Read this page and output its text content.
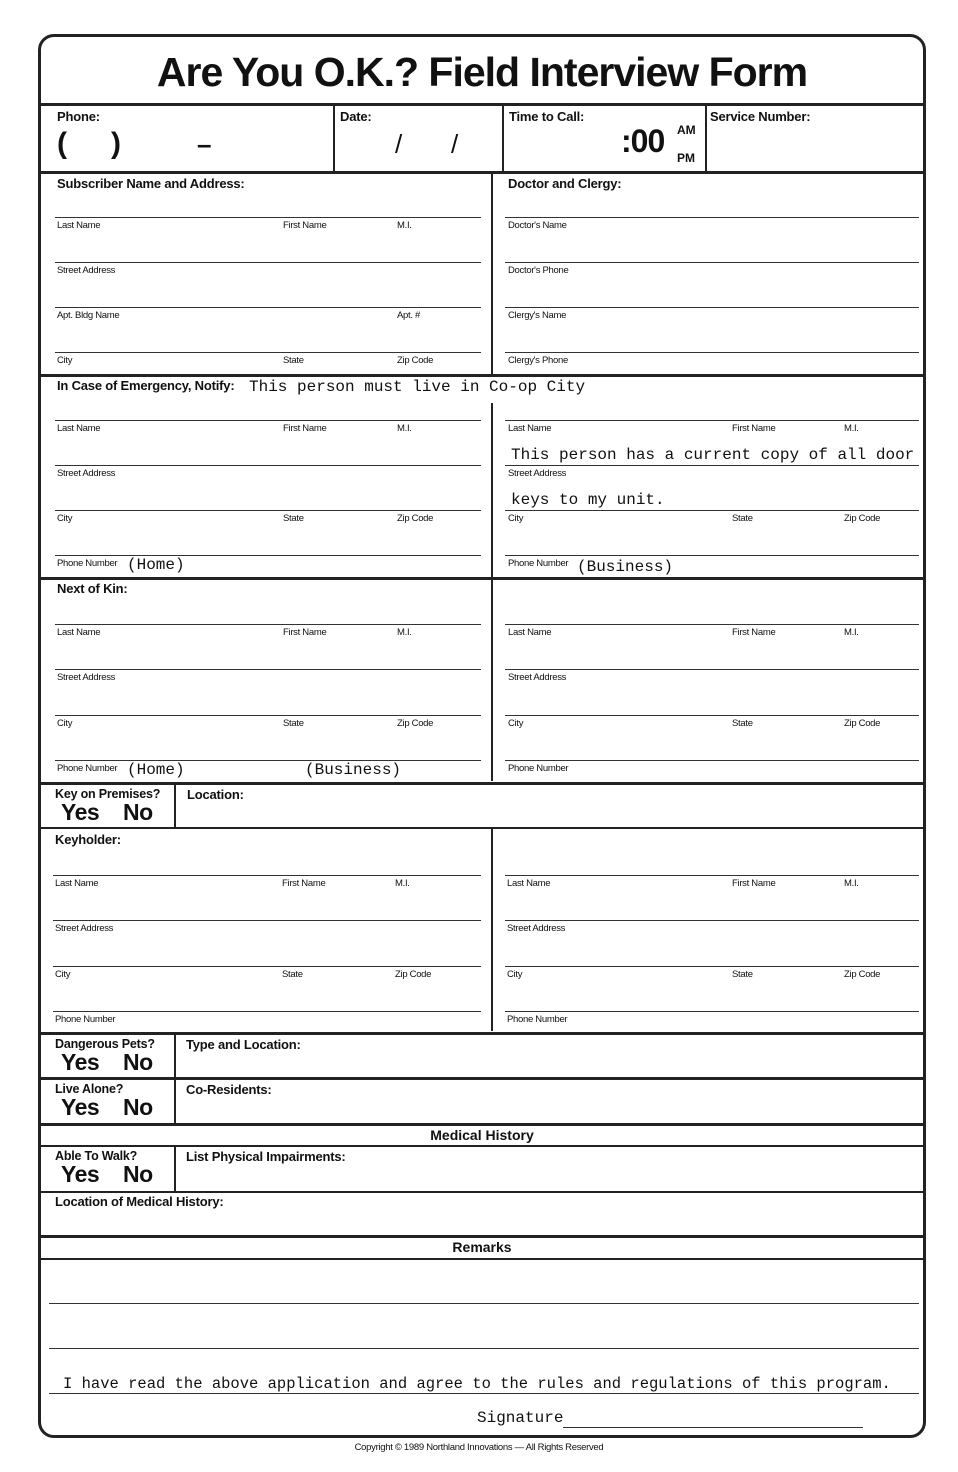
Are You O.K.? Field Interview Form
Phone:
( )	–
Date:
/ /
Time to Call:
:00 AM
PM
Service Number:
Subscriber Name and Address:	Doctor and Clergy:
Last Name	First Name	M.I.
Street Address
Apt. Bldg Name	Apt. #
City	State	Zip Code
Doctor's Name
Doctor's Phone
Clergy's Name
Clergy's Phone
In Case of Emergency, Notify: This person must live in Co-op City
Last Name	First Name	M.I.
Street Address
City	State	Zip Code
Phone Number (Home)
Last Name	First Name	M.I.
This person has a current copy of all door
Street Address
keys to my unit.
City	State	Zip Code
Phone Number (Business)
Next of Kin:
Last Name	First Name	M.I.
Street Address
City	State	Zip Code
Phone Number (Home)	(Business)
Last Name	First Name	M.I.
Street Address
City	State	Zip Code
Phone Number
Key on Premises?
Yes No
Location:
Keyholder:
Last Name	First Name	M.I.
Street Address
City	State	Zip Code
Phone Number
Last Name	First Name	M.I.
Street Address
City	State	Zip Code
Phone Number
Dangerous Pets?
Yes No
Type and Location:
Live Alone?
Yes No
Co-Residents:
Medical History
Able To Walk?
Yes No
List Physical Impairments:
Location of Medical History:
Remarks
I have read the above application and agree to the rules and regulations of this program.
Signature
Copyright © 1989 Northland Innovations — All Rights Reserved
